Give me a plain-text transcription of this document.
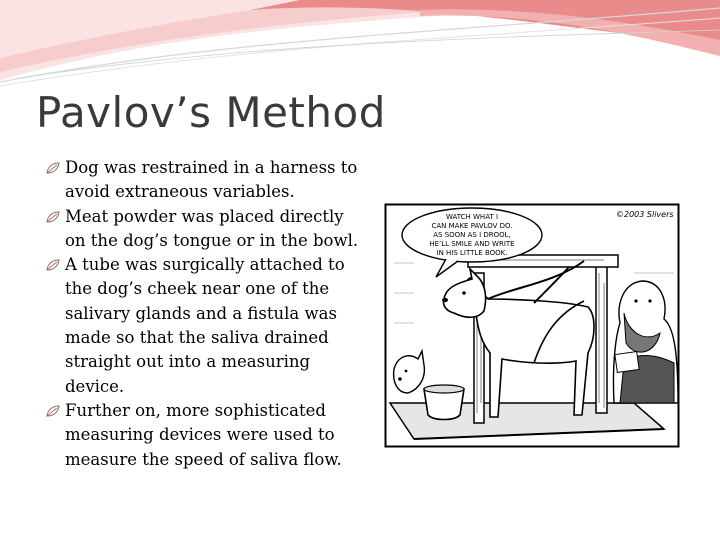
Pavlov’s Method
Dog was restrained in a harness to avoid extraneous variables.
Meat powder was placed directly on the dog’s tongue or in the bowl.
A tube was surgically attached to the dog’s cheek near one of the salivary glands and a fistula was made so that the saliva drained straight out into a measuring device.
Further on, more sophisticated measuring devices were used to measure the speed of saliva flow.
WATCH WHAT I
CAN MAKE PAVLOV DO.
AS SOON AS I DROOL,
HE’LL SMILE AND WRITE
IN HIS LITTLE BOOK.
©2003 Slivers
